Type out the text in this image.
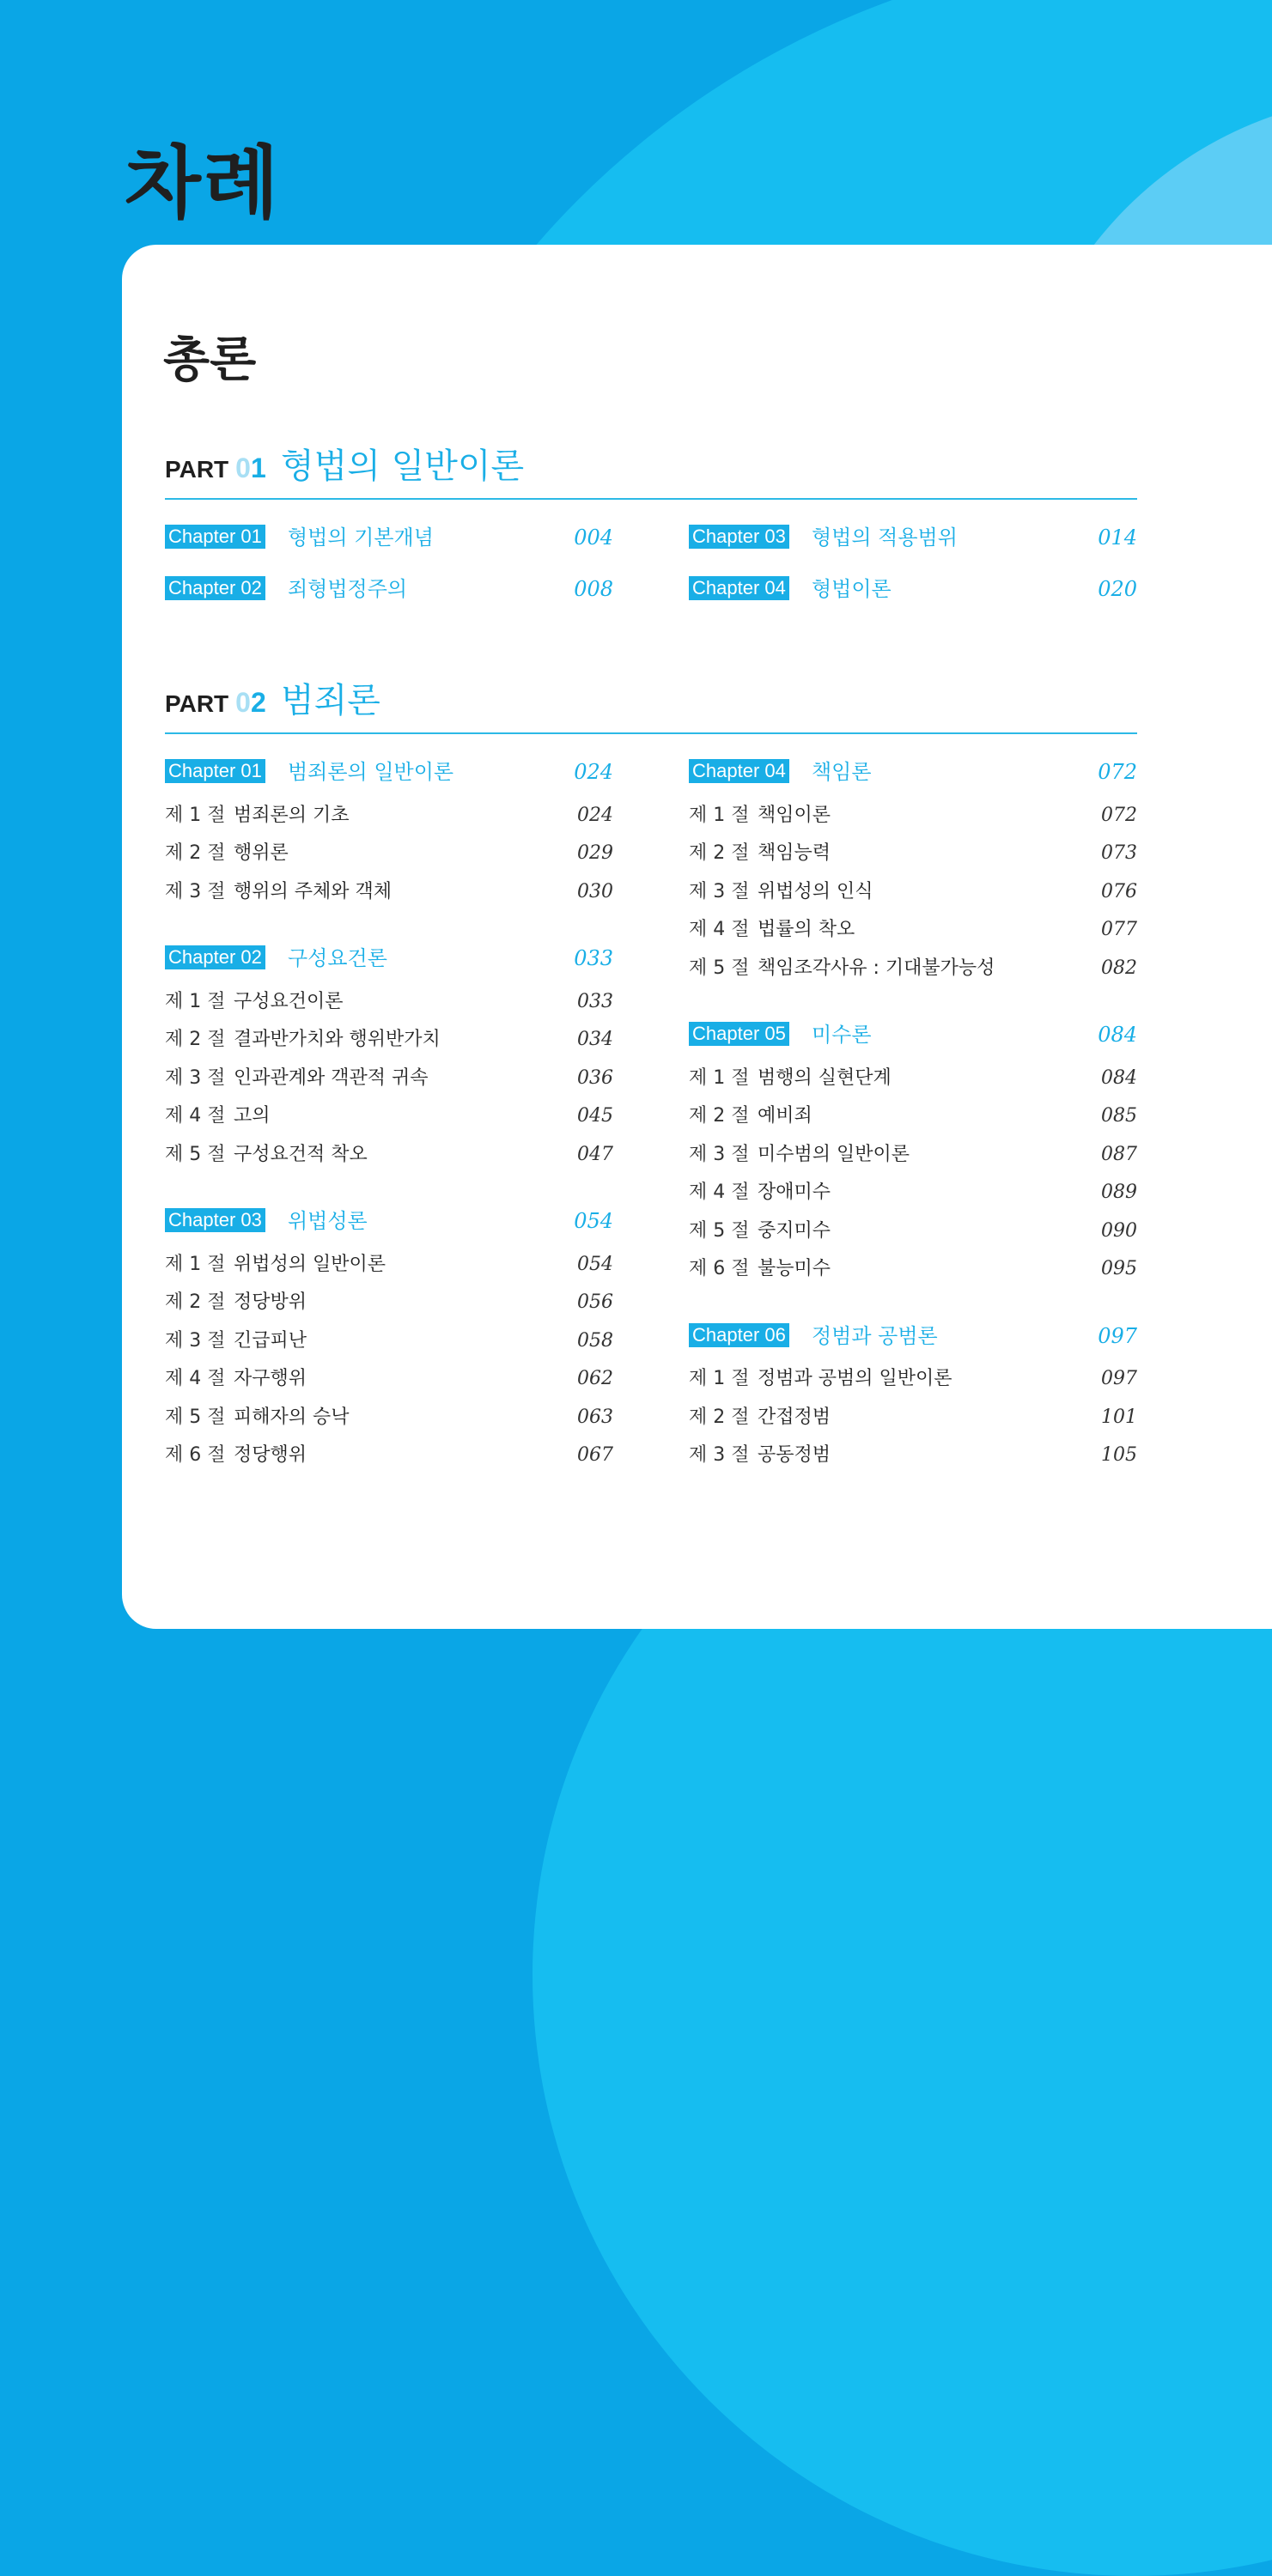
차례
총론
PART 01 형법의 일반이론
Chapter 01 형법의 기본개념	004
Chapter 02 죄형법정주의	008
Chapter 03 형법의 적용범위	014
Chapter 04 형법이론	020
PART 02 범죄론
Chapter 01 범죄론의 일반이론	024
제 1 절 범죄론의 기초	024
제 2 절 행위론	029
제 3 절 행위의 주체와 객체	030
Chapter 02 구성요건론	033
제 1 절 구성요건이론	033
제 2 절 결과반가치와 행위반가치	034
제 3 절 인과관계와 객관적 귀속	036
제 4 절 고의	045
제 5 절 구성요건적 착오	047
Chapter 03 위법성론	054
제 1 절 위법성의 일반이론	054
제 2 절 정당방위	056
제 3 절 긴급피난	058
제 4 절 자구행위	062
제 5 절 피해자의 승낙	063
제 6 절 정당행위	067
Chapter 04 책임론	072
제 1 절 책임이론	072
제 2 절 책임능력	073
제 3 절 위법성의 인식	076
제 4 절 법률의 착오	077
제 5 절 책임조각사유 : 기대불가능성	082
Chapter 05 미수론	084
제 1 절 범행의 실현단계	084
제 2 절 예비죄	085
제 3 절 미수범의 일반이론	087
제 4 절 장애미수	089
제 5 절 중지미수	090
제 6 절 불능미수	095
Chapter 06 정범과 공범론	097
제 1 절 정범과 공범의 일반이론	097
제 2 절 간접정범	101
제 3 절 공동정범	105
